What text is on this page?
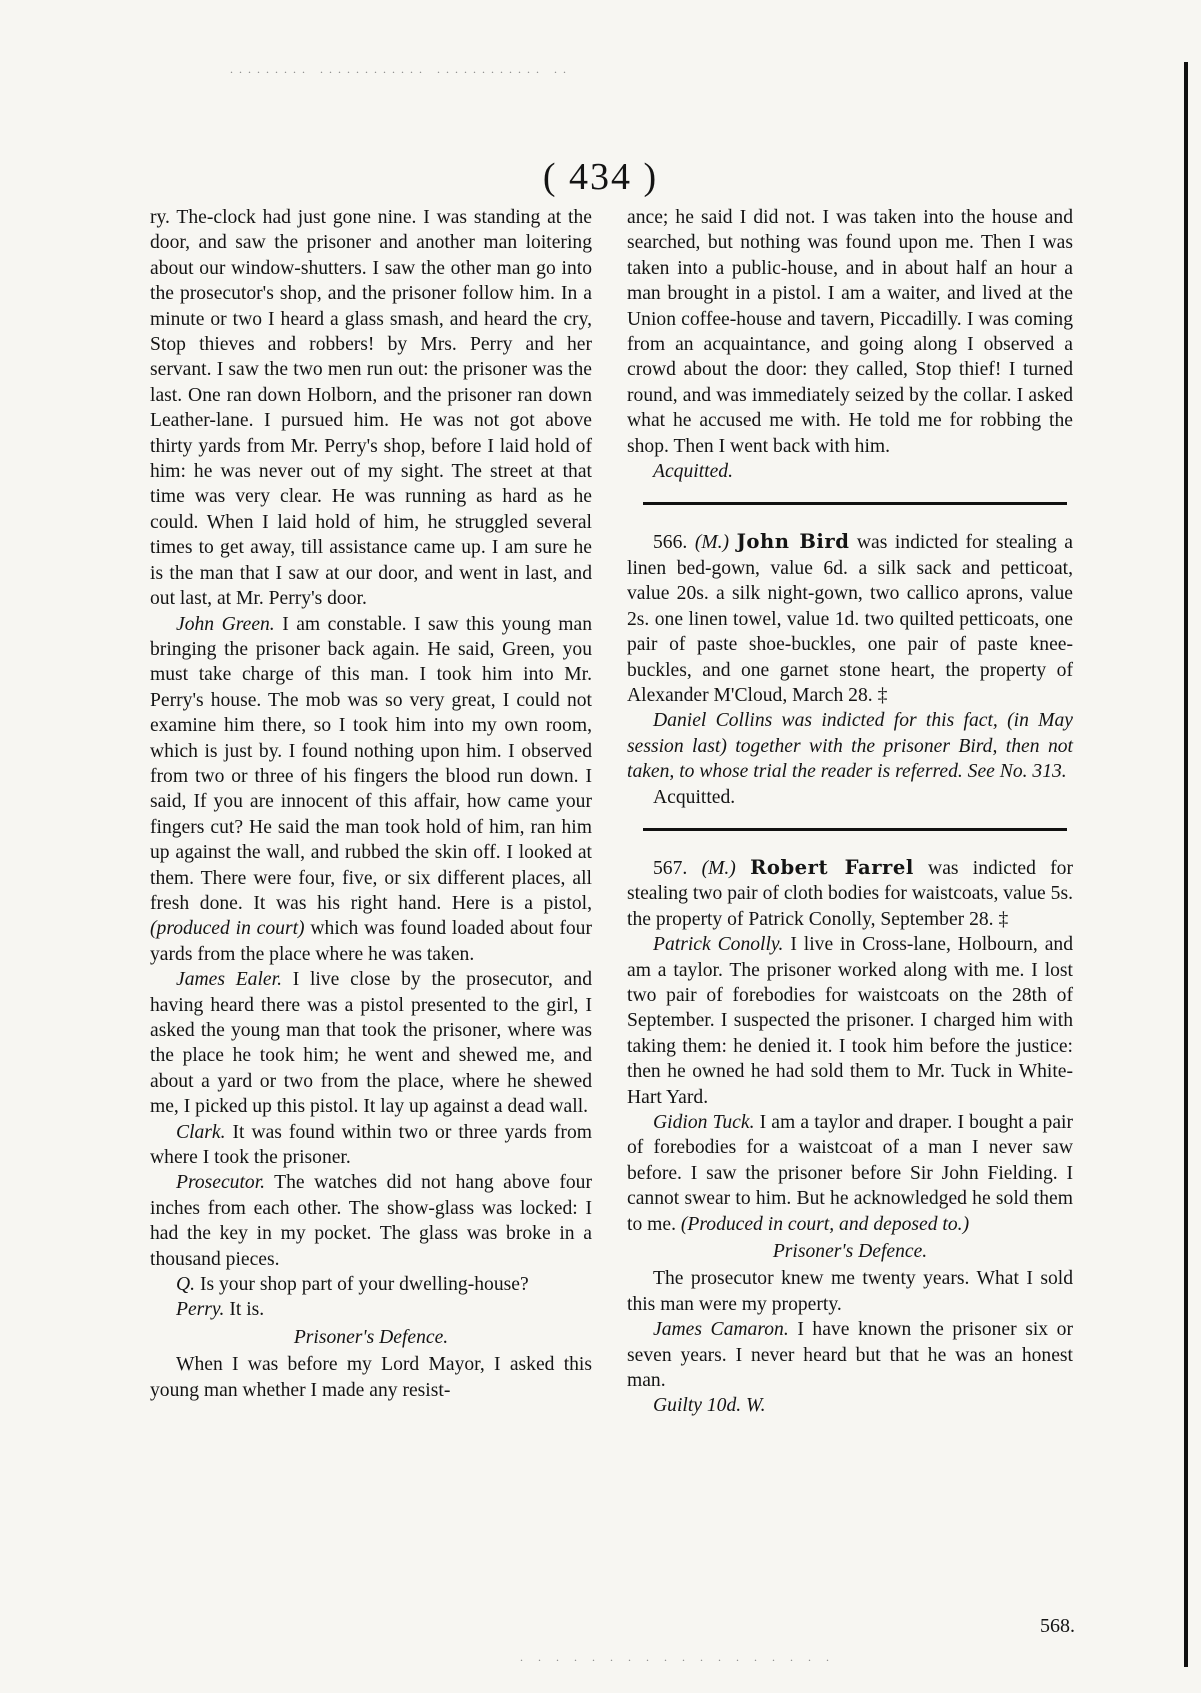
......... ............ ............ ..
. . . . . . . . . . . . . . . . . .
( 434 )

ry. The-clock had just gone nine. I was standing at the door, and saw the prisoner and another man loitering about our window-shutters. I saw the other man go into the prosecutor's shop, and the prisoner follow him. In a minute or two I heard a glass smash, and heard the cry, Stop thieves and robbers! by Mrs. Perry and her servant. I saw the two men run out: the prisoner was the last. One ran down Holborn, and the prisoner ran down Leather-lane. I pursued him. He was not got above thirty yards from Mr. Perry's shop, before I laid hold of him: he was never out of my sight. The street at that time was very clear. He was running as hard as he could. When I laid hold of him, he struggled several times to get away, till assistance came up. I am sure he is the man that I saw at our door, and went in last, and out last, at Mr. Perry's door.

John Green. I am constable. I saw this young man bringing the prisoner back again. He said, Green, you must take charge of this man. I took him into Mr. Perry's house. The mob was so very great, I could not examine him there, so I took him into my own room, which is just by. I found nothing upon him. I observed from two or three of his fingers the blood run down. I said, If you are innocent of this affair, how came your fingers cut? He said the man took hold of him, ran him up against the wall, and rubbed the skin off. I looked at them. There were four, five, or six different places, all fresh done. It was his right hand. Here is a pistol, (produced in court) which was found loaded about four yards from the place where he was taken.

James Ealer. I live close by the prosecutor, and having heard there was a pistol presented to the girl, I asked the young man that took the prisoner, where was the place he took him; he went and shewed me, and about a yard or two from the place, where he shewed me, I picked up this pistol. It lay up against a dead wall.

Clark. It was found within two or three yards from where I took the prisoner.

Prosecutor. The watches did not hang above four inches from each other. The show-glass was locked: I had the key in my pocket. The glass was broke in a thousand pieces.

Q. Is your shop part of your dwelling-house?

Perry. It is.

Prisoner's Defence.

When I was before my Lord Mayor, I asked this young man whether I made any resist-

ance; he said I did not. I was taken into the house and searched, but nothing was found upon me. Then I was taken into a public-house, and in about half an hour a man brought in a pistol. I am a waiter, and lived at the Union coffee-house and tavern, Piccadilly. I was coming from an acquaintance, and going along I observed a crowd about the door: they called, Stop thief! I turned round, and was immediately seized by the collar. I asked what he accused me with. He told me for robbing the shop. Then I went back with him.

Acquitted.

566. (M.) John Bird was indicted for stealing a linen bed-gown, value 6d. a silk sack and petticoat, value 20s. a silk night-gown, two callico aprons, value 2s. one linen towel, value 1d. two quilted petticoats, one pair of paste shoe-buckles, one pair of paste knee-buckles, and one garnet stone heart, the property of Alexander M'Cloud, March 28. ‡

Daniel Collins was indicted for this fact, (in May session last) together with the prisoner Bird, then not taken, to whose trial the reader is referred. See No. 313.

Acquitted.

567. (M.) Robert Farrel was indicted for stealing two pair of cloth bodies for waistcoats, value 5s. the property of Patrick Conolly, September 28. ‡

Patrick Conolly. I live in Cross-lane, Holbourn, and am a taylor. The prisoner worked along with me. I lost two pair of forebodies for waistcoats on the 28th of September. I suspected the prisoner. I charged him with taking them: he denied it. I took him before the justice: then he owned he had sold them to Mr. Tuck in White-Hart Yard.

Gidion Tuck. I am a taylor and draper. I bought a pair of forebodies for a waistcoat of a man I never saw before. I saw the prisoner before Sir John Fielding. I cannot swear to him. But he acknowledged he sold them to me. (Produced in court, and deposed to.)

Prisoner's Defence.

The prosecutor knew me twenty years. What I sold this man were my property.

James Camaron. I have known the prisoner six or seven years. I never heard but that he was an honest man.

Guilty 10d. W.

568.
